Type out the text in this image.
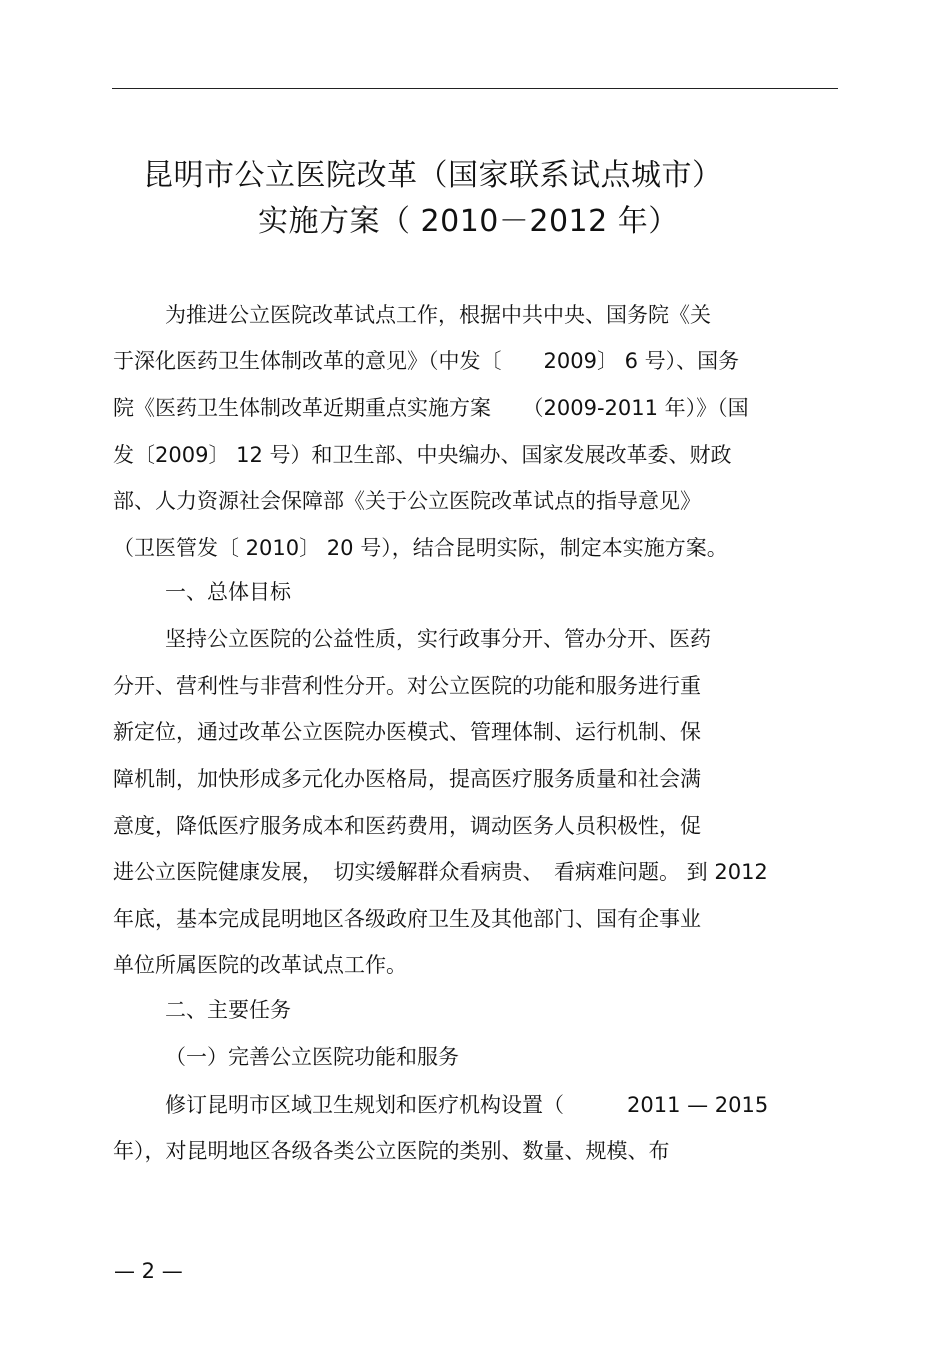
昆明市公立医院改革（国家联系试点城市）
实施方案（ 2010－2012 年）
为推进公立医院改革试点工作，根据中共中央、国务院《关
于深化医药卫生体制改革的意见》（中发〔　　2009〕 6 号）、国务
院《医药卫生体制改革近期重点实施方案　　（2009-2011 年）》（国
发〔2009〕 12 号）和卫生部、中央编办、国家发展改革委、财政
部、人力资源社会保障部《关于公立医院改革试点的指导意见》
（卫医管发〔 2010〕 20 号），结合昆明实际，制定本实施方案。
一、总体目标
坚持公立医院的公益性质，实行政事分开、管办分开、医药
分开、营利性与非营利性分开。对公立医院的功能和服务进行重
新定位，通过改革公立医院办医模式、管理体制、运行机制、保
障机制，加快形成多元化办医格局，提高医疗服务质量和社会满
意度，降低医疗服务成本和医药费用，调动医务人员积极性，促
进公立医院健康发展，　切实缓解群众看病贵、　看病难问题。 到 2012
年底，基本完成昆明地区各级政府卫生及其他部门、国有企事业
单位所属医院的改革试点工作。
二、主要任务
（一）完善公立医院功能和服务
修订昆明市区域卫生规划和医疗机构设置（　　　2011 — 2015
年），对昆明地区各级各类公立医院的类别、数量、规模、布
— 2 —
